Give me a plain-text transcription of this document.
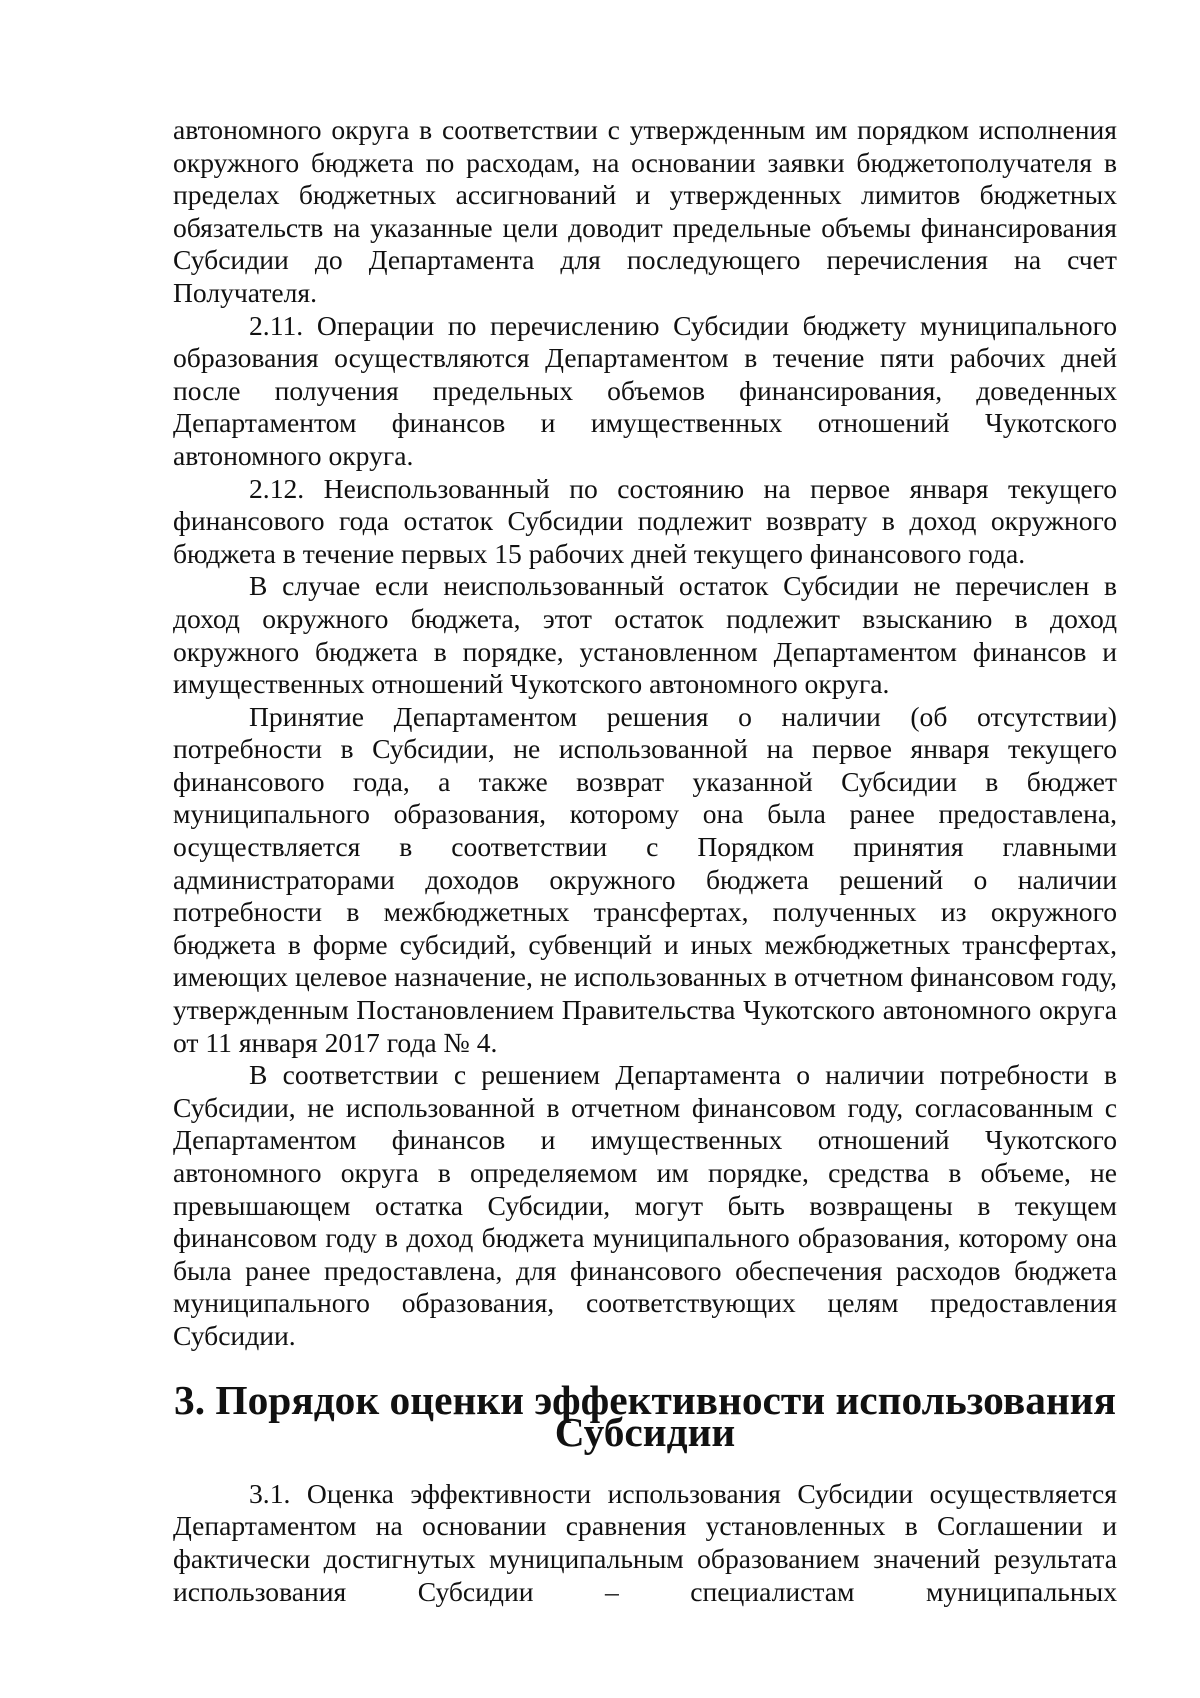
автономного округа в соответствии с утвержденным им порядком исполнения окружного бюджета по расходам, на основании заявки бюджетополучателя в пределах бюджетных ассигнований и утвержденных лимитов бюджетных обязательств на указанные цели доводит предельные объемы финансирования Субсидии до Департамента для последующего перечисления на счет Получателя.

2.11. Операции по перечислению Субсидии бюджету муниципального образования осуществляются Департаментом в течение пяти рабочих дней после получения предельных объемов финансирования, доведенных Департаментом финансов и имущественных отношений Чукотского автономного округа.

2.12. Неиспользованный по состоянию на первое января текущего финансового года остаток Субсидии подлежит возврату в доход окружного бюджета в течение первых 15 рабочих дней текущего финансового года.

В случае если неиспользованный остаток Субсидии не перечислен в доход окружного бюджета, этот остаток подлежит взысканию в доход окружного бюджета в порядке, установленном Департаментом финансов и имущественных отношений Чукотского автономного округа.

Принятие Департаментом решения о наличии (об отсутствии) потребности в Субсидии, не использованной на первое января текущего финансового года, а также возврат указанной Субсидии в бюджет муниципального образования, которому она была ранее предоставлена, осуществляется в соответствии с Порядком принятия главными администраторами доходов окружного бюджета решений о наличии потребности в межбюджетных трансфертах, полученных из окружного бюджета в форме субсидий, субвенций и иных межбюджетных трансфертах, имеющих целевое назначение, не использованных в отчетном финансовом году, утвержденным Постановлением Правительства Чукотского автономного округа от 11 января 2017 года № 4.

В соответствии с решением Департамента о наличии потребности в Субсидии, не использованной в отчетном финансовом году, согласованным с Департаментом финансов и имущественных отношений Чукотского автономного округа в определяемом им порядке, средства в объеме, не превышающем остатка Субсидии, могут быть возвращены в текущем финансовом году в доход бюджета муниципального образования, которому она была ранее предоставлена, для финансового обеспечения расходов бюджета муниципального образования, соответствующих целям предоставления Субсидии.

3. Порядок оценки эффективности использования Субсидии

3.1. Оценка эффективности использования Субсидии осуществляется Департаментом на основании сравнения установленных в Соглашении и фактически достигнутых муниципальным образованием значений результата использования Субсидии – специалистам муниципальных
